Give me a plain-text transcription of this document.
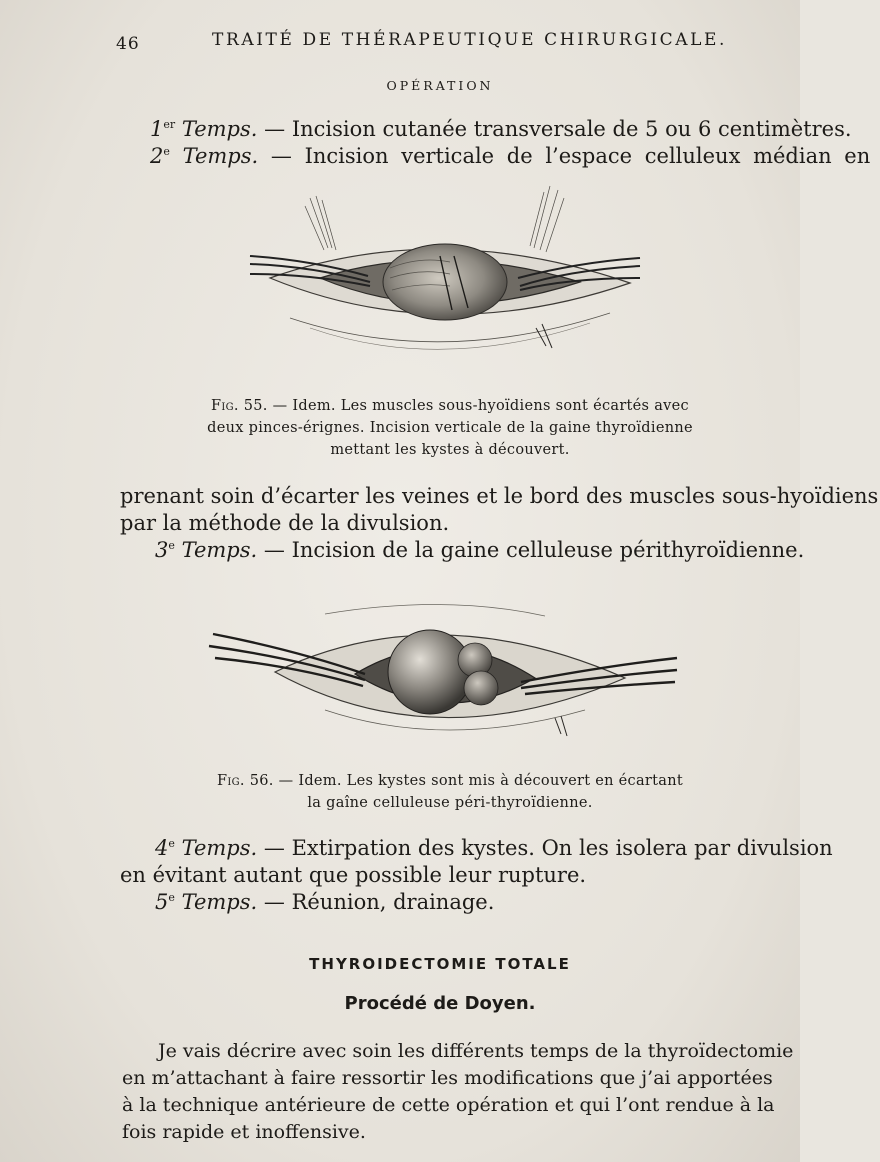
46	TRAITÉ DE THÉRAPEUTIQUE CHIRURGICALE.
OPÉRATION
1er Temps. — Incision cutanée transversale de 5 ou 6 centimètres.
2e Temps. — Incision verticale de l’espace celluleux médian en
Fig. 55. — Idem. Les muscles sous-hyoïdiens sont écartés avec
deux pinces-érignes. Incision verticale de la gaine thyroïdienne
mettant les kystes à découvert.
prenant soin d’écarter les veines et le bord des muscles sous-hyoïdiens
par la méthode de la divulsion.
3e Temps. — Incision de la gaine celluleuse périthyroïdienne.
Fig. 56. — Idem. Les kystes sont mis à découvert en écartant
la gaîne celluleuse péri-thyroïdienne.
4e Temps. — Extirpation des kystes. On les isolera par divulsion
en évitant autant que possible leur rupture.
5e Temps. — Réunion, drainage.
THYROIDECTOMIE TOTALE
Procédé de Doyen.
Je vais décrire avec soin les différents temps de la thyroïdectomie
en m’attachant à faire ressortir les modifications que j’ai apportées
à la technique antérieure de cette opération et qui l’ont rendue à la
fois rapide et inoffensive.
